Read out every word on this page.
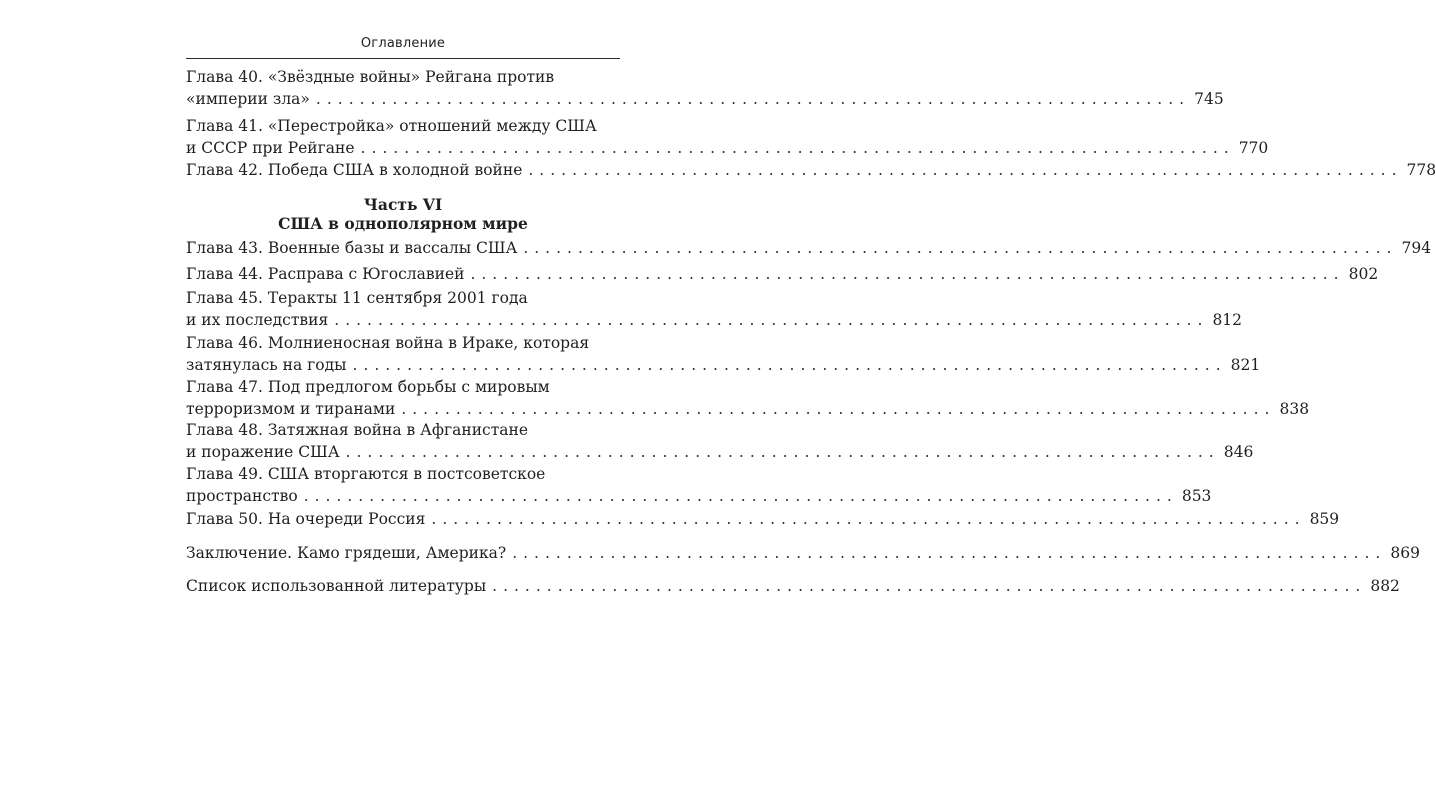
Оглавление
Глава 40. «Звёздные войны» Рейгана против
«империи зла» ................................................................................ 745
Глава 41. «Перестройка» отношений между США
и СССР при Рейгане ................................................................................ 770
Глава 42. Победа США в холодной войне ................................................................................ 778
Часть VI
США в однополярном мире
Глава 43. Военные базы и вассалы США ................................................................................ 794
Глава 44. Расправа с Югославией ................................................................................ 802
Глава 45. Теракты 11 сентября 2001 года
и их последствия ................................................................................ 812
Глава 46. Молниеносная война в Ираке, которая
затянулась на годы ................................................................................ 821
Глава 47. Под предлогом борьбы с мировым
терроризмом и тиранами ................................................................................ 838
Глава 48. Затяжная война в Афганистане
и поражение США ................................................................................ 846
Глава 49. США вторгаются в постсоветское
пространство ................................................................................ 853
Глава 50. На очереди Россия ................................................................................ 859
Заключение. Камо грядеши, Америка? ................................................................................ 869
Список использованной литературы ................................................................................ 882
